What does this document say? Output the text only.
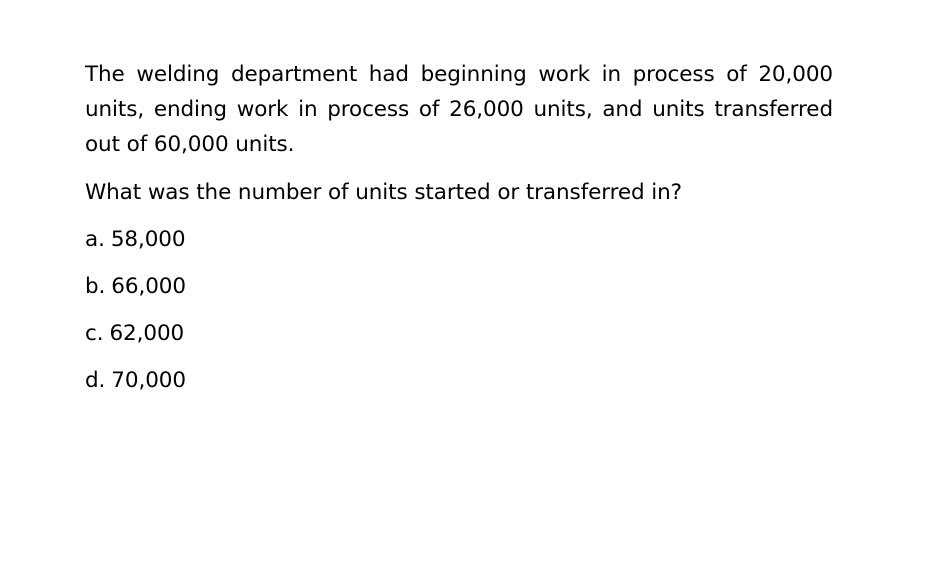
The welding department had beginning work in process of 20,000 units, ending work in process of 26,000 units, and units transferred out of 60,000 units.

What was the number of units started or transferred in?

a. 58,000
b. 66,000
c. 62,000
d. 70,000
